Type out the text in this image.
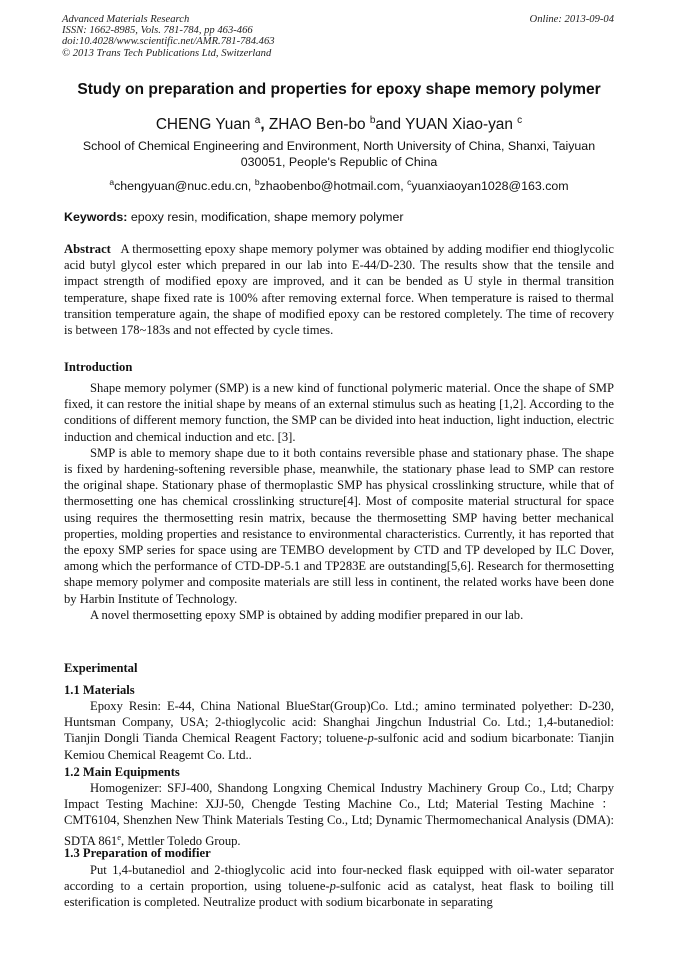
Advanced Materials Research
ISSN: 1662-8985, Vols. 781-784, pp 463-466
doi:10.4028/www.scientific.net/AMR.781-784.463
© 2013 Trans Tech Publications Ltd, Switzerland
Online: 2013-09-04
Study on preparation and properties for epoxy shape memory polymer
CHENG Yuan $^a$, ZHAO Ben-bo $^b$and YUAN Xiao-yan $^c$
School of Chemical Engineering and Environment, North University of China, Shanxi, Taiyuan 030051, People's Republic of China
$^a$chengyuan@nuc.edu.cn, $^b$zhaobenbo@hotmail.com, $^c$yuanxiaoyan1028@163.com
Keywords: epoxy resin, modification, shape memory polymer

Abstract A thermosetting epoxy shape memory polymer was obtained by adding modifier end thioglycolic acid butyl glycol ester which prepared in our lab into E-44/D-230. The results show that the tensile and impact strength of modified epoxy are improved, and it can be bended as U style in thermal transition temperature, shape fixed rate is 100% after removing external force. When temperature is raised to thermal transition temperature again, the shape of modified epoxy can be restored completely. The time of recovery is between 178~183s and not effected by cycle times.

Introduction

Shape memory polymer (SMP) is a new kind of functional polymeric material. Once the shape of SMP fixed, it can restore the initial shape by means of an external stimulus such as heating [1,2]. According to the conditions of different memory function, the SMP can be divided into heat induction, light induction, electric induction and chemical induction and etc. [3].

SMP is able to memory shape due to it both contains reversible phase and stationary phase. The shape is fixed by hardening-softening reversible phase, meanwhile, the stationary phase lead to SMP can restore the original shape. Stationary phase of thermoplastic SMP has physical crosslinking structure, while that of thermosetting one has chemical crosslinking structure[4]. Most of composite material structural for space using requires the thermosetting resin matrix, because the thermosetting SMP having better mechanical properties, molding properties and resistance to environmental characteristics. Currently, it has reported that the epoxy SMP series for space using are TEMBO development by CTD and TP developed by ILC Dover, among which the performance of CTD-DP-5.1 and TP283E are outstanding[5,6]. Research for thermosetting shape memory polymer and composite materials are still less in continent, the related works have been done by Harbin Institute of Technology.

A novel thermosetting epoxy SMP is obtained by adding modifier prepared in our lab.

Experimental
1.1 Materials

Epoxy Resin: E-44, China National BlueStar(Group)Co. Ltd.; amino terminated polyether: D-230, Huntsman Company, USA; 2-thioglycolic acid: Shanghai Jingchun Industrial Co. Ltd.; 1,4-butanediol: Tianjin Dongli Tianda Chemical Reagent Factory; toluene-p-sulfonic acid and sodium bicarbonate: Tianjin Kemiou Chemical Reagemt Co. Ltd..

1.2 Main Equipments

Homogenizer: SFJ-400, Shandong Longxing Chemical Industry Machinery Group Co., Ltd; Charpy Impact Testing Machine: XJJ-50, Chengde Testing Machine Co., Ltd; Material Testing Machine ： CMT6104, Shenzhen New Think Materials Testing Co., Ltd; Dynamic Thermomechanical Analysis (DMA): SDTA 861e, Mettler Toledo Group.

1.3 Preparation of modifier

Put 1,4-butanediol and 2-thioglycolic acid into four-necked flask equipped with oil-water separator according to a certain proportion, using toluene-p-sulfonic acid as catalyst, heat flask to boiling till esterification is completed. Neutralize product with sodium bicarbonate in separating
